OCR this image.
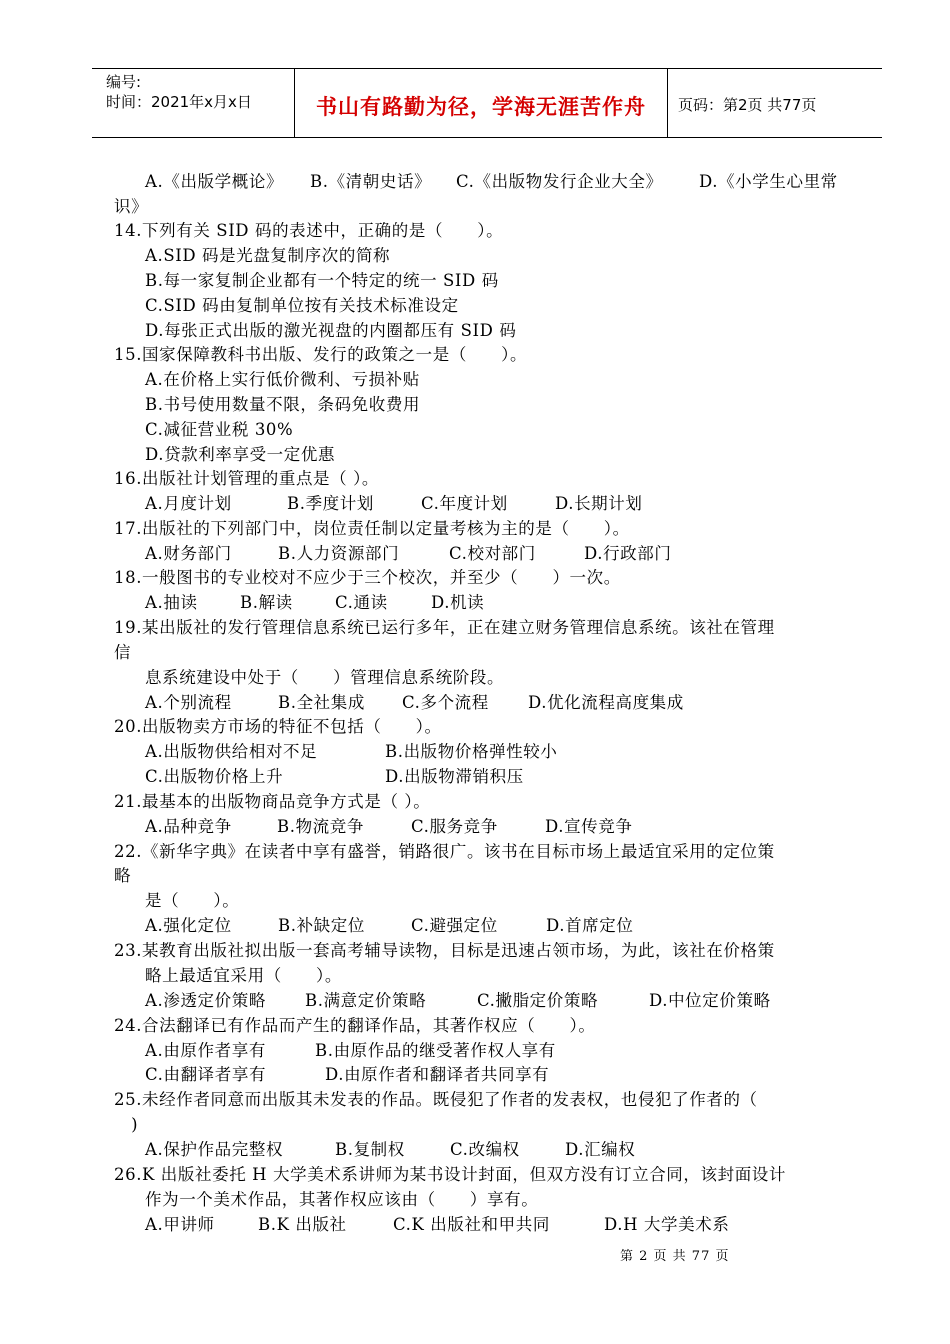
编号:
时间：2021年x月x日	书山有路勤为径，学海无涯苦作舟	页码：第2页 共77页
A.《出版学概论》 B.《清朝史话》 C.《出版物发行企业大全》 D.《小学生心里常
识》
14.下列有关 SID 码的表述中，正确的是（　　）。
A.SID 码是光盘复制序次的简称
B.每一家复制企业都有一个特定的统一 SID 码
C.SID 码由复制单位按有关技术标准设定
D.每张正式出版的激光视盘的内圈都压有 SID 码
15.国家保障教科书出版、发行的政策之一是（　　）。
A.在价格上实行低价微利、亏损补贴
B.书号使用数量不限，条码免收费用
C.减征营业税 30%
D.贷款利率享受一定优惠
16.出版社计划管理的重点是（ ）。
A.月度计划	B.季度计划	C.年度计划	D.长期计划
17.出版社的下列部门中，岗位责任制以定量考核为主的是（　　）。
A.财务部门	B.人力资源部门	C.校对部门	D.行政部门
18.一般图书的专业校对不应少于三个校次，并至少（　　）一次。
A.抽读	B.解读	C.通读	D.机读
19.某出版社的发行管理信息系统已运行多年，正在建立财务管理信息系统。该社在管理
信
息系统建设中处于（　　）管理信息系统阶段。
A.个别流程	B.全社集成 C.多个流程 D.优化流程高度集成
20.出版物卖方市场的特征不包括（　　）。
A.出版物供给相对不足	B.出版物价格弹性较小
C.出版物价格上升	D.出版物滞销积压
21.最基本的出版物商品竞争方式是（ ）。
A.品种竞争	B.物流竞争	C.服务竞争	D.宣传竞争
22.《新华字典》在读者中享有盛誉，销路很广。该书在目标市场上最适宜采用的定位策
略
是（　　）。
A.强化定位	B.补缺定位	C.避强定位	D.首席定位
23.某教育出版社拟出版一套高考辅导读物，目标是迅速占领市场，为此，该社在价格策
略上最适宜采用（　　）。
A.渗透定价策略 B.满意定价策略	C.撇脂定价策略	D.中位定价策略
24.合法翻译已有作品而产生的翻译作品，其著作权应（　　）。
A.由原作者享有	B.由原作品的继受著作权人享有
C.由翻译者享有	D.由原作者和翻译者共同享有
25.未经作者同意而出版其未发表的作品。既侵犯了作者的发表权，也侵犯了作者的（
　)
A.保护作品完整权	B.复制权	C.改编权	D.汇编权
26.K 出版社委托 H 大学美术系讲师为某书设计封面，但双方没有订立合同，该封面设计
作为一个美术作品，其著作权应该由（　　）享有。
A.甲讲师	B.K 出版社	C.K 出版社和甲共同	D.H 大学美术系
第 2 页 共 77 页
